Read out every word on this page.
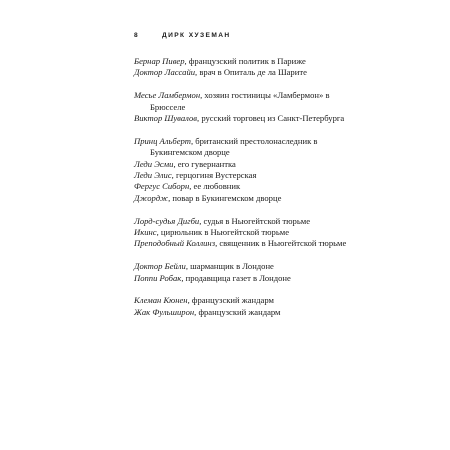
8	ДИРК ХУЗЕМАН

Бернар Пивер, французский политик в Париже

Доктор Лассайи, врач в Опиталь де ла Шарите

Месье Ламбермон, хозяин гостиницы «Ламбермон» в Брюсселе

Виктор Шувалов, русский торговец из Санкт-Петербурга

Принц Альберт, британский престолонаследник в Букингемском дворце

Леди Эсми, его гувернантка

Леди Элис, герцогиня Вустерская

Фергус Сиборн, ее любовник

Джордж, повар в Букингемском дворце

Лорд-судья Дигби, судья в Ньюгейтской тюрьме

Икинс, цирюльник в Ньюгейтской тюрьме

Преподобный Коллинз, священник в Ньюгейтской тюрьме

Доктор Бейли, шарманщик в Лондоне

Поппи Робак, продавщица газет в Лондоне

Клеман Кюнен, французский жандарм

Жак Фульширон, французский жандарм
